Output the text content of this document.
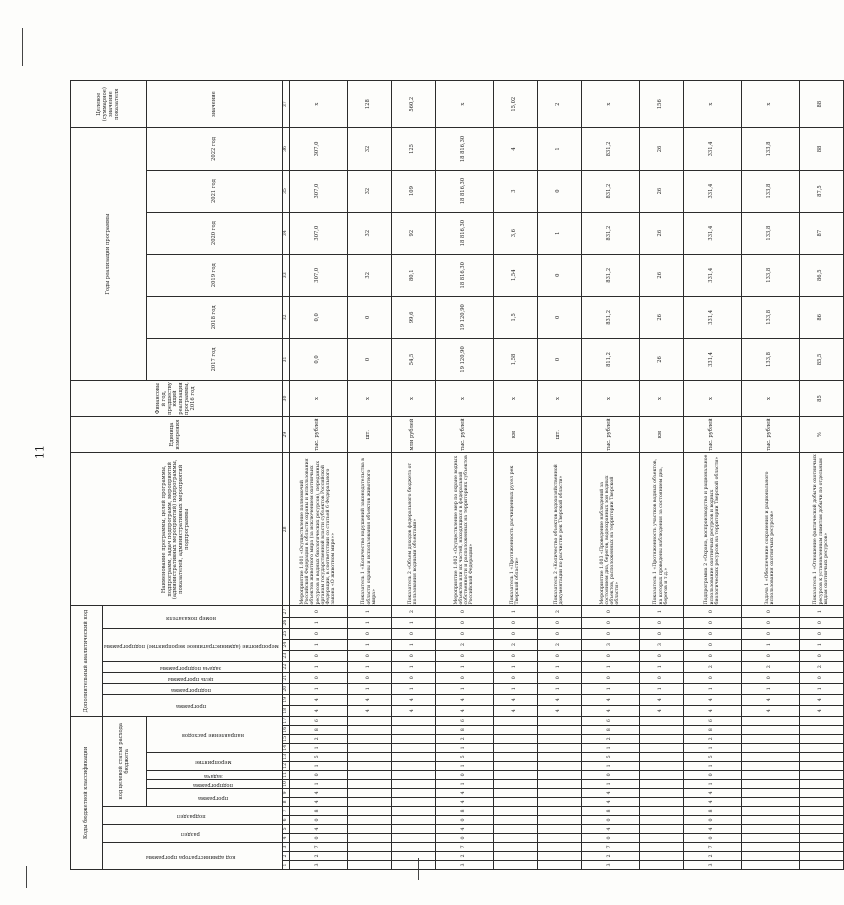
11
Коды бюджетной классификации																	Дополнительный аналитический код										Наименование программы, целей программы, подпрограмм, задач подпрограмм, мероприятий (административных мероприятий) подпрограммы, показателей, административных мероприятий подпрограммы	Единица измерения	Финансовый год, предшествующий реализации программы, 2016 год	Годы реализации программы						Целевое (суммарное) значение показателя
код администратора программы			раздел		подраздел		код целевой статьи расхода бюджета										программа		подпрограмма	цель программы	задача подпрограммы	мероприятие (административное мероприятие) подпрограммы			номер показателя											
							программа		подпрограмма	задача	мероприятие		направление расходов																	2017 год	2018 год	2019 год	2020 год	2021 год	2022 год	значение
1	2	3	4	5	6	7	8	9	10	11	12	13	14	15	16	17	18	19	20	21	22	23	24	25	26	27	28	29	30	31	32	33	34	35	36	37
3	2	7	0	4	0	8	4	4	1	0	1	5	1	2	8	6	4	4	1	0	1	0	1	0	1	0	Мероприятие 1.001 «Осуществление полномочий Российской Федерации в области охраны и использования объектов животного мира (за исключением охотничьих ресурсов и водных биологических ресурсов), переданных органам государственной власти субъектов Российской Федерации, в соответствии со статьей 6 Федерального закона «О животном мире»»	тыс. рублей	x	0,0	0,0	307,0	307,0	307,0	307,0	x
																	4	4	1	0	1	0	1	0	1	1	Показатель 1 «Количество нарушений законодательства в области охраны и использования объектов животного мира»	шт.	x	0	0	32	32	32	32	128
																	4	4	1	0	1	0	1	0	1	2	Показатель 2 «Объем доходов федерального бюджета от пользования водными объектами»	млн рублей	x	54,5	99,6	80,1	92	109	125	560,2
3	2	7	0	4	0	8	4	4	1	0	1	5	1	2	8	6	4	4	1	0	1	0	2	0	0	0	Мероприятие 1.002 «Осуществление мер по охране водных объектов или их частей, находящихся в федеральной собственности и расположенных на территориях субъектов Российской Федерации»	тыс. рублей	x	19 120,90	19 120,90	18 816,30	18 816,30	18 816,30	18 816,30	x
																	4	4	1	0	1	0	2	0	0	1	Показатель 1 «Протяженность расчищенных русел рек Тверской области»	км	x	1,58	1,5	1,54	3,6	3	4	15,02
																	4	4	1	0	1	0	2	0	0	2	Показатель 2 «Количество объектов водохозяйственной документации по расчистке рек Тверской области»	шт.	x	0	0	0	1	0	1	2
3	2	7	0	4	0	8	4	4	1	0	1	5	1	2	8	6	4	4	1	0	1	0	3	0	0	0	Мероприятие 1.003 «Проведение наблюдений за состоянием дна, берегов, водоохранных зон водных объектов, расположенных на территории Тверской области»	тыс. рублей	x	811,2	831,2	831,2	831,2	831,2	831,2	x
																	4	4	1	0	1	0	3	0	0	1	Показатель 1 «Протяженность участков водных объектов, на которых проведены наблюдения за состоянием дна, берегов и т.д.»	км	x	26	26	26	26	26	26	156
3	2	7	0	4	0	8	4	4	1	0	1	5	1	2	8	6	4	4	1	0	2	0	0	0	0	0	Подпрограмма 2 «Охрана, воспроизводство и рациональное использование охотничьих ресурсов и водных биологических ресурсов на территории Тверской области»	тыс. рублей	x	331,4	331,4	331,4	331,4	331,4	331,4	x
																	4	4	1	0	2	0	1	0	0	0	Задача 1 «Обеспечение сохранения и рационального использования охотничьих ресурсов»	тыс. рублей	x	133,8	133,8	133,8	133,8	133,8	133,8	x
																	4	4	1	0	2	0	1	0	0	1	Показатель 1 «Отношение фактической добычи охотничьих ресурсов к установленным лимитам добычи по отдельным видам охотничьих ресурсов»	%	85	85,5	86	86,5	87	87,5	88	88
